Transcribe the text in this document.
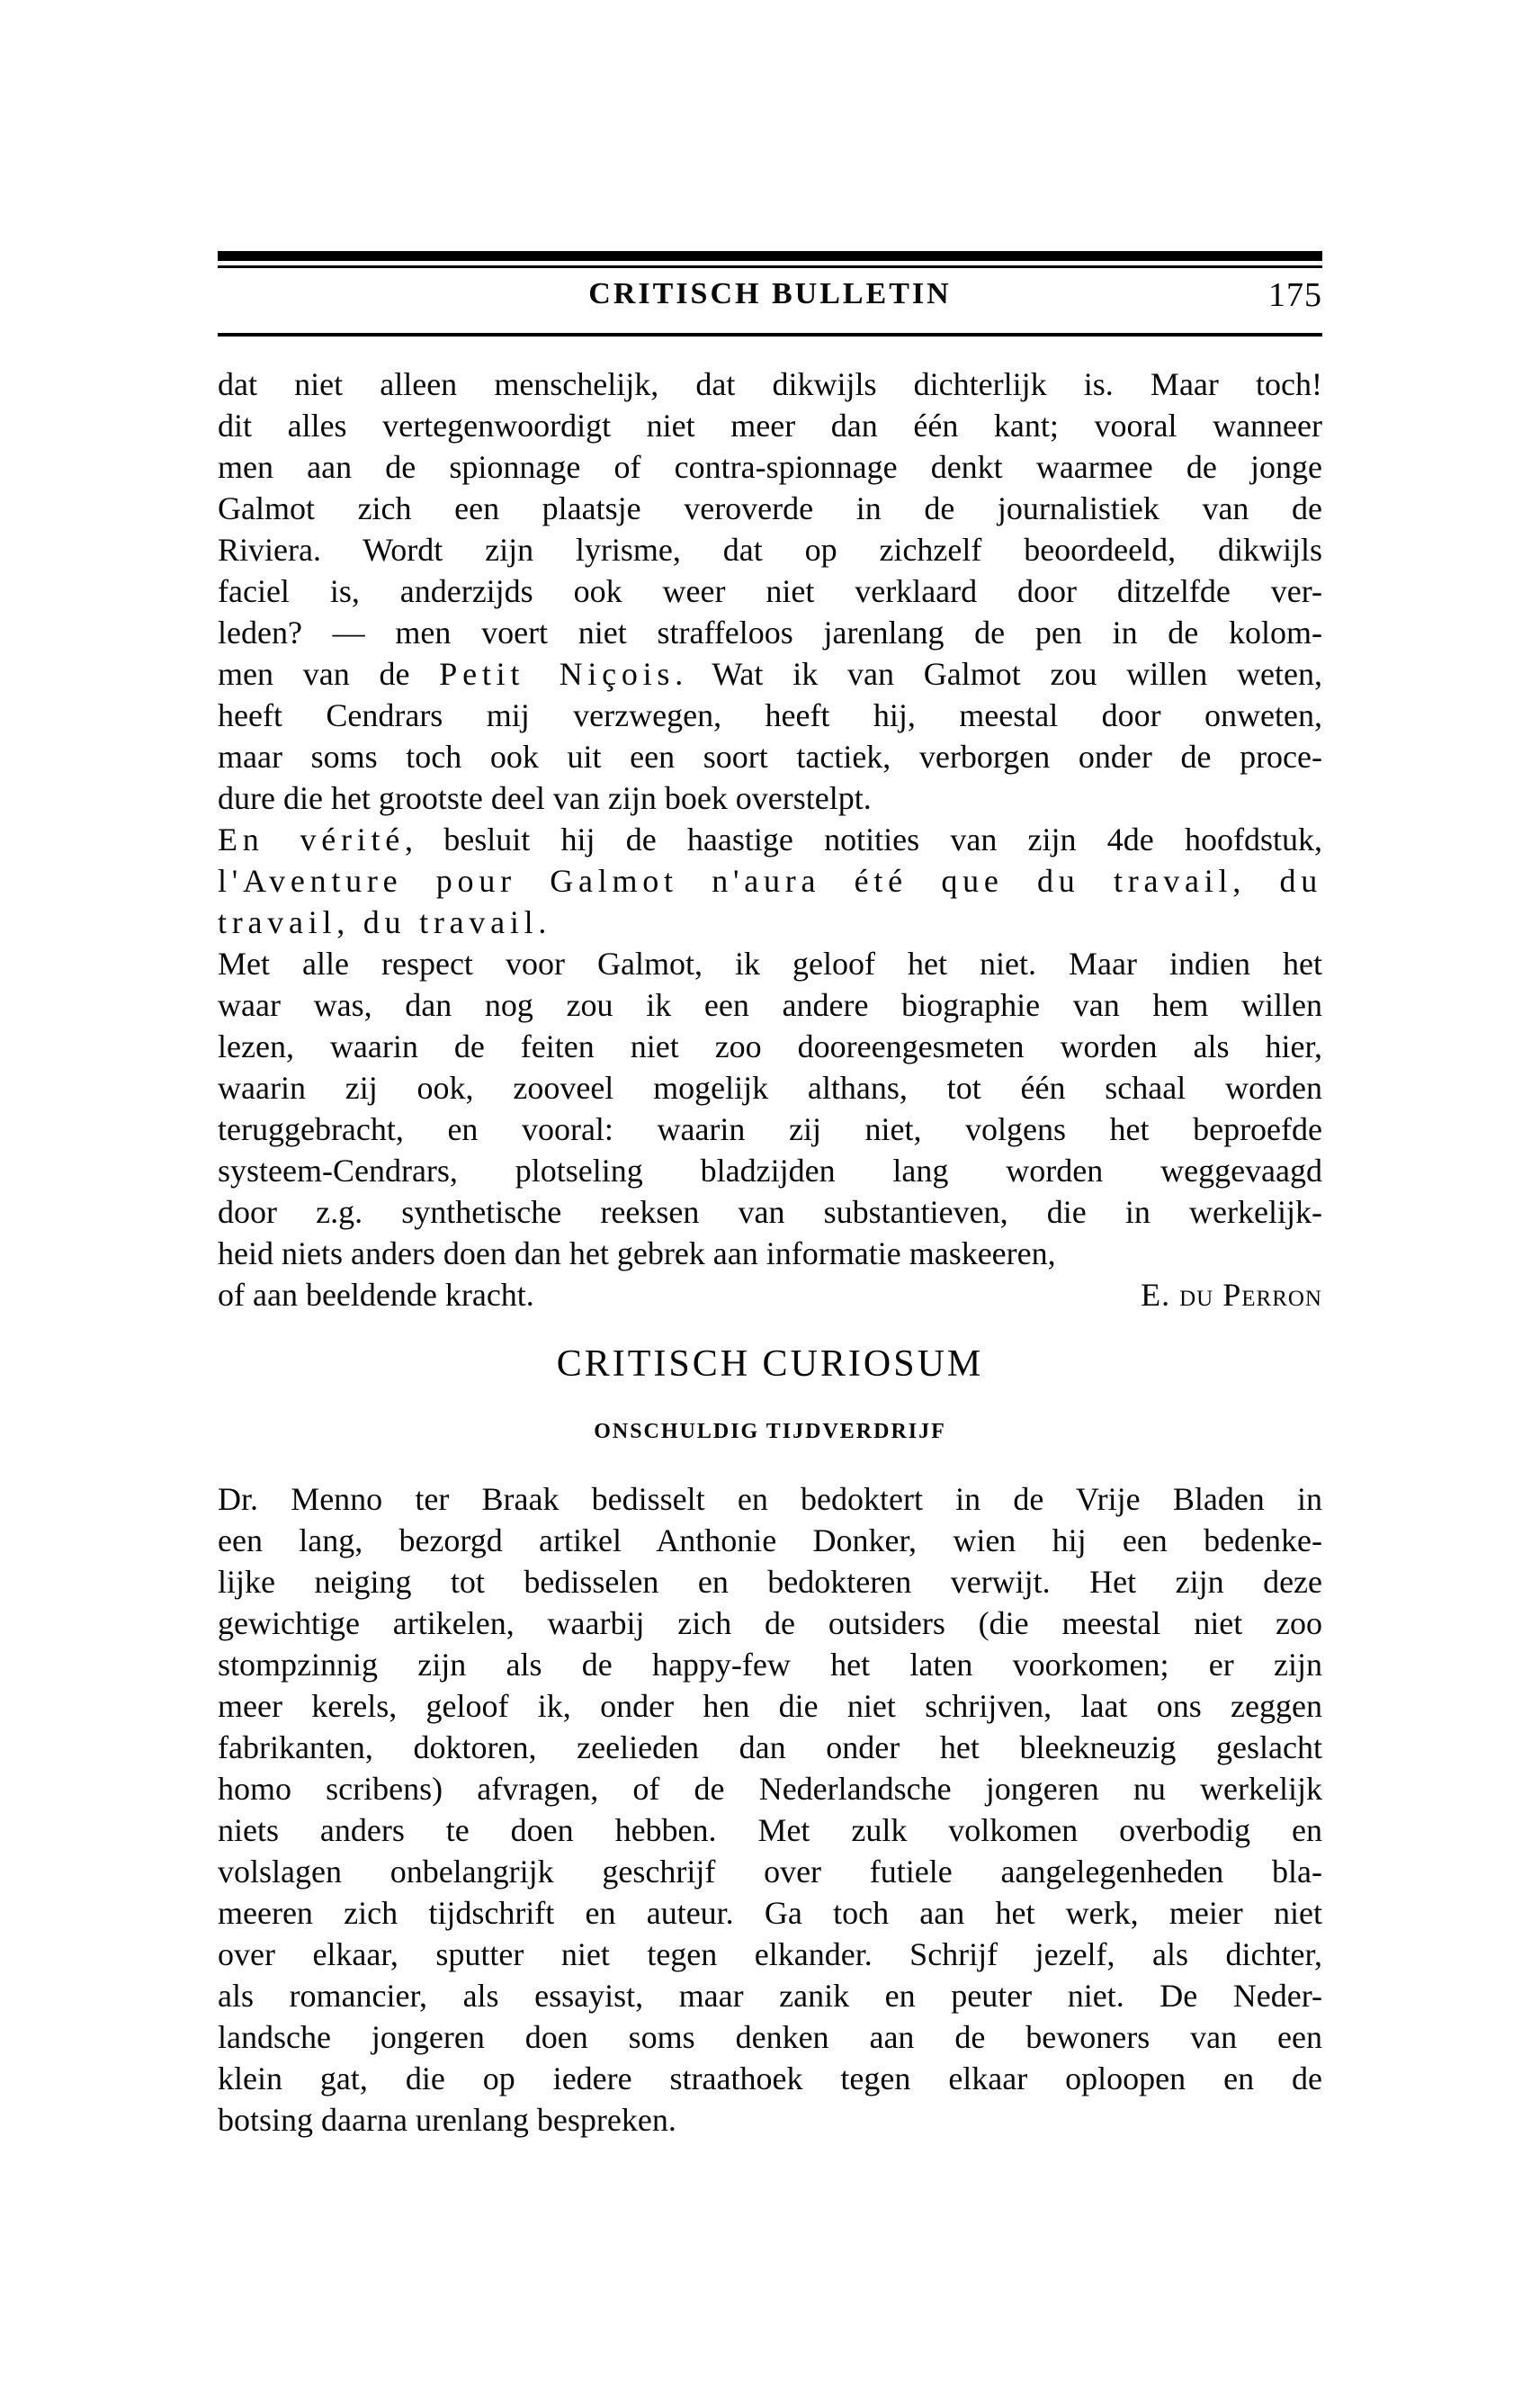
CRITISCH BULLETIN	175
dat niet alleen menschelijk, dat dikwijls dichterlijk is. Maar toch!
dit alles vertegenwoordigt niet meer dan één kant; vooral wanneer
men aan de spionnage of contra-spionnage denkt waarmee de jonge
Galmot zich een plaatsje veroverde in de journalistiek van de
Riviera. Wordt zijn lyrisme, dat op zichzelf beoordeeld, dikwijls
faciel is, anderzijds ook weer niet verklaard door ditzelfde ver-
leden? — men voert niet straffeloos jarenlang de pen in de kolom-
men van de Petit Niçois. Wat ik van Galmot zou willen weten,
heeft Cendrars mij verzwegen, heeft hij, meestal door onweten,
maar soms toch ook uit een soort tactiek, verborgen onder de proce-
dure die het grootste deel van zijn boek overstelpt.
En vérité, besluit hij de haastige notities van zijn 4de hoofdstuk,
l'Aventure pour Galmot n'aura été que du travail, du
travail, du travail.
Met alle respect voor Galmot, ik geloof het niet. Maar indien het
waar was, dan nog zou ik een andere biographie van hem willen
lezen, waarin de feiten niet zoo dooreengesmeten worden als hier,
waarin zij ook, zooveel mogelijk althans, tot één schaal worden
teruggebracht, en vooral: waarin zij niet, volgens het beproefde
systeem-Cendrars, plotseling bladzijden lang worden weggevaagd
door z.g. synthetische reeksen van substantieven, die in werkelijk-
heid niets anders doen dan het gebrek aan informatie maskeeren,
of aan beeldende kracht.	E. du Perron
CRITISCH CURIOSUM
ONSCHULDIG TIJDVERDRIJF
Dr. Menno ter Braak bedisselt en bedoktert in de Vrije Bladen in
een lang, bezorgd artikel Anthonie Donker, wien hij een bedenke-
lijke neiging tot bedisselen en bedokteren verwijt. Het zijn deze
gewichtige artikelen, waarbij zich de outsiders (die meestal niet zoo
stompzinnig zijn als de happy-few het laten voorkomen; er zijn
meer kerels, geloof ik, onder hen die niet schrijven, laat ons zeggen
fabrikanten, doktoren, zeelieden dan onder het bleekneuzig geslacht
homo scribens) afvragen, of de Nederlandsche jongeren nu werkelijk
niets anders te doen hebben. Met zulk volkomen overbodig en
volslagen onbelangrijk geschrijf over futiele aangelegenheden bla-
meeren zich tijdschrift en auteur. Ga toch aan het werk, meier niet
over elkaar, sputter niet tegen elkander. Schrijf jezelf, als dichter,
als romancier, als essayist, maar zanik en peuter niet. De Neder-
landsche jongeren doen soms denken aan de bewoners van een
klein gat, die op iedere straathoek tegen elkaar oploopen en de
botsing daarna urenlang bespreken.
